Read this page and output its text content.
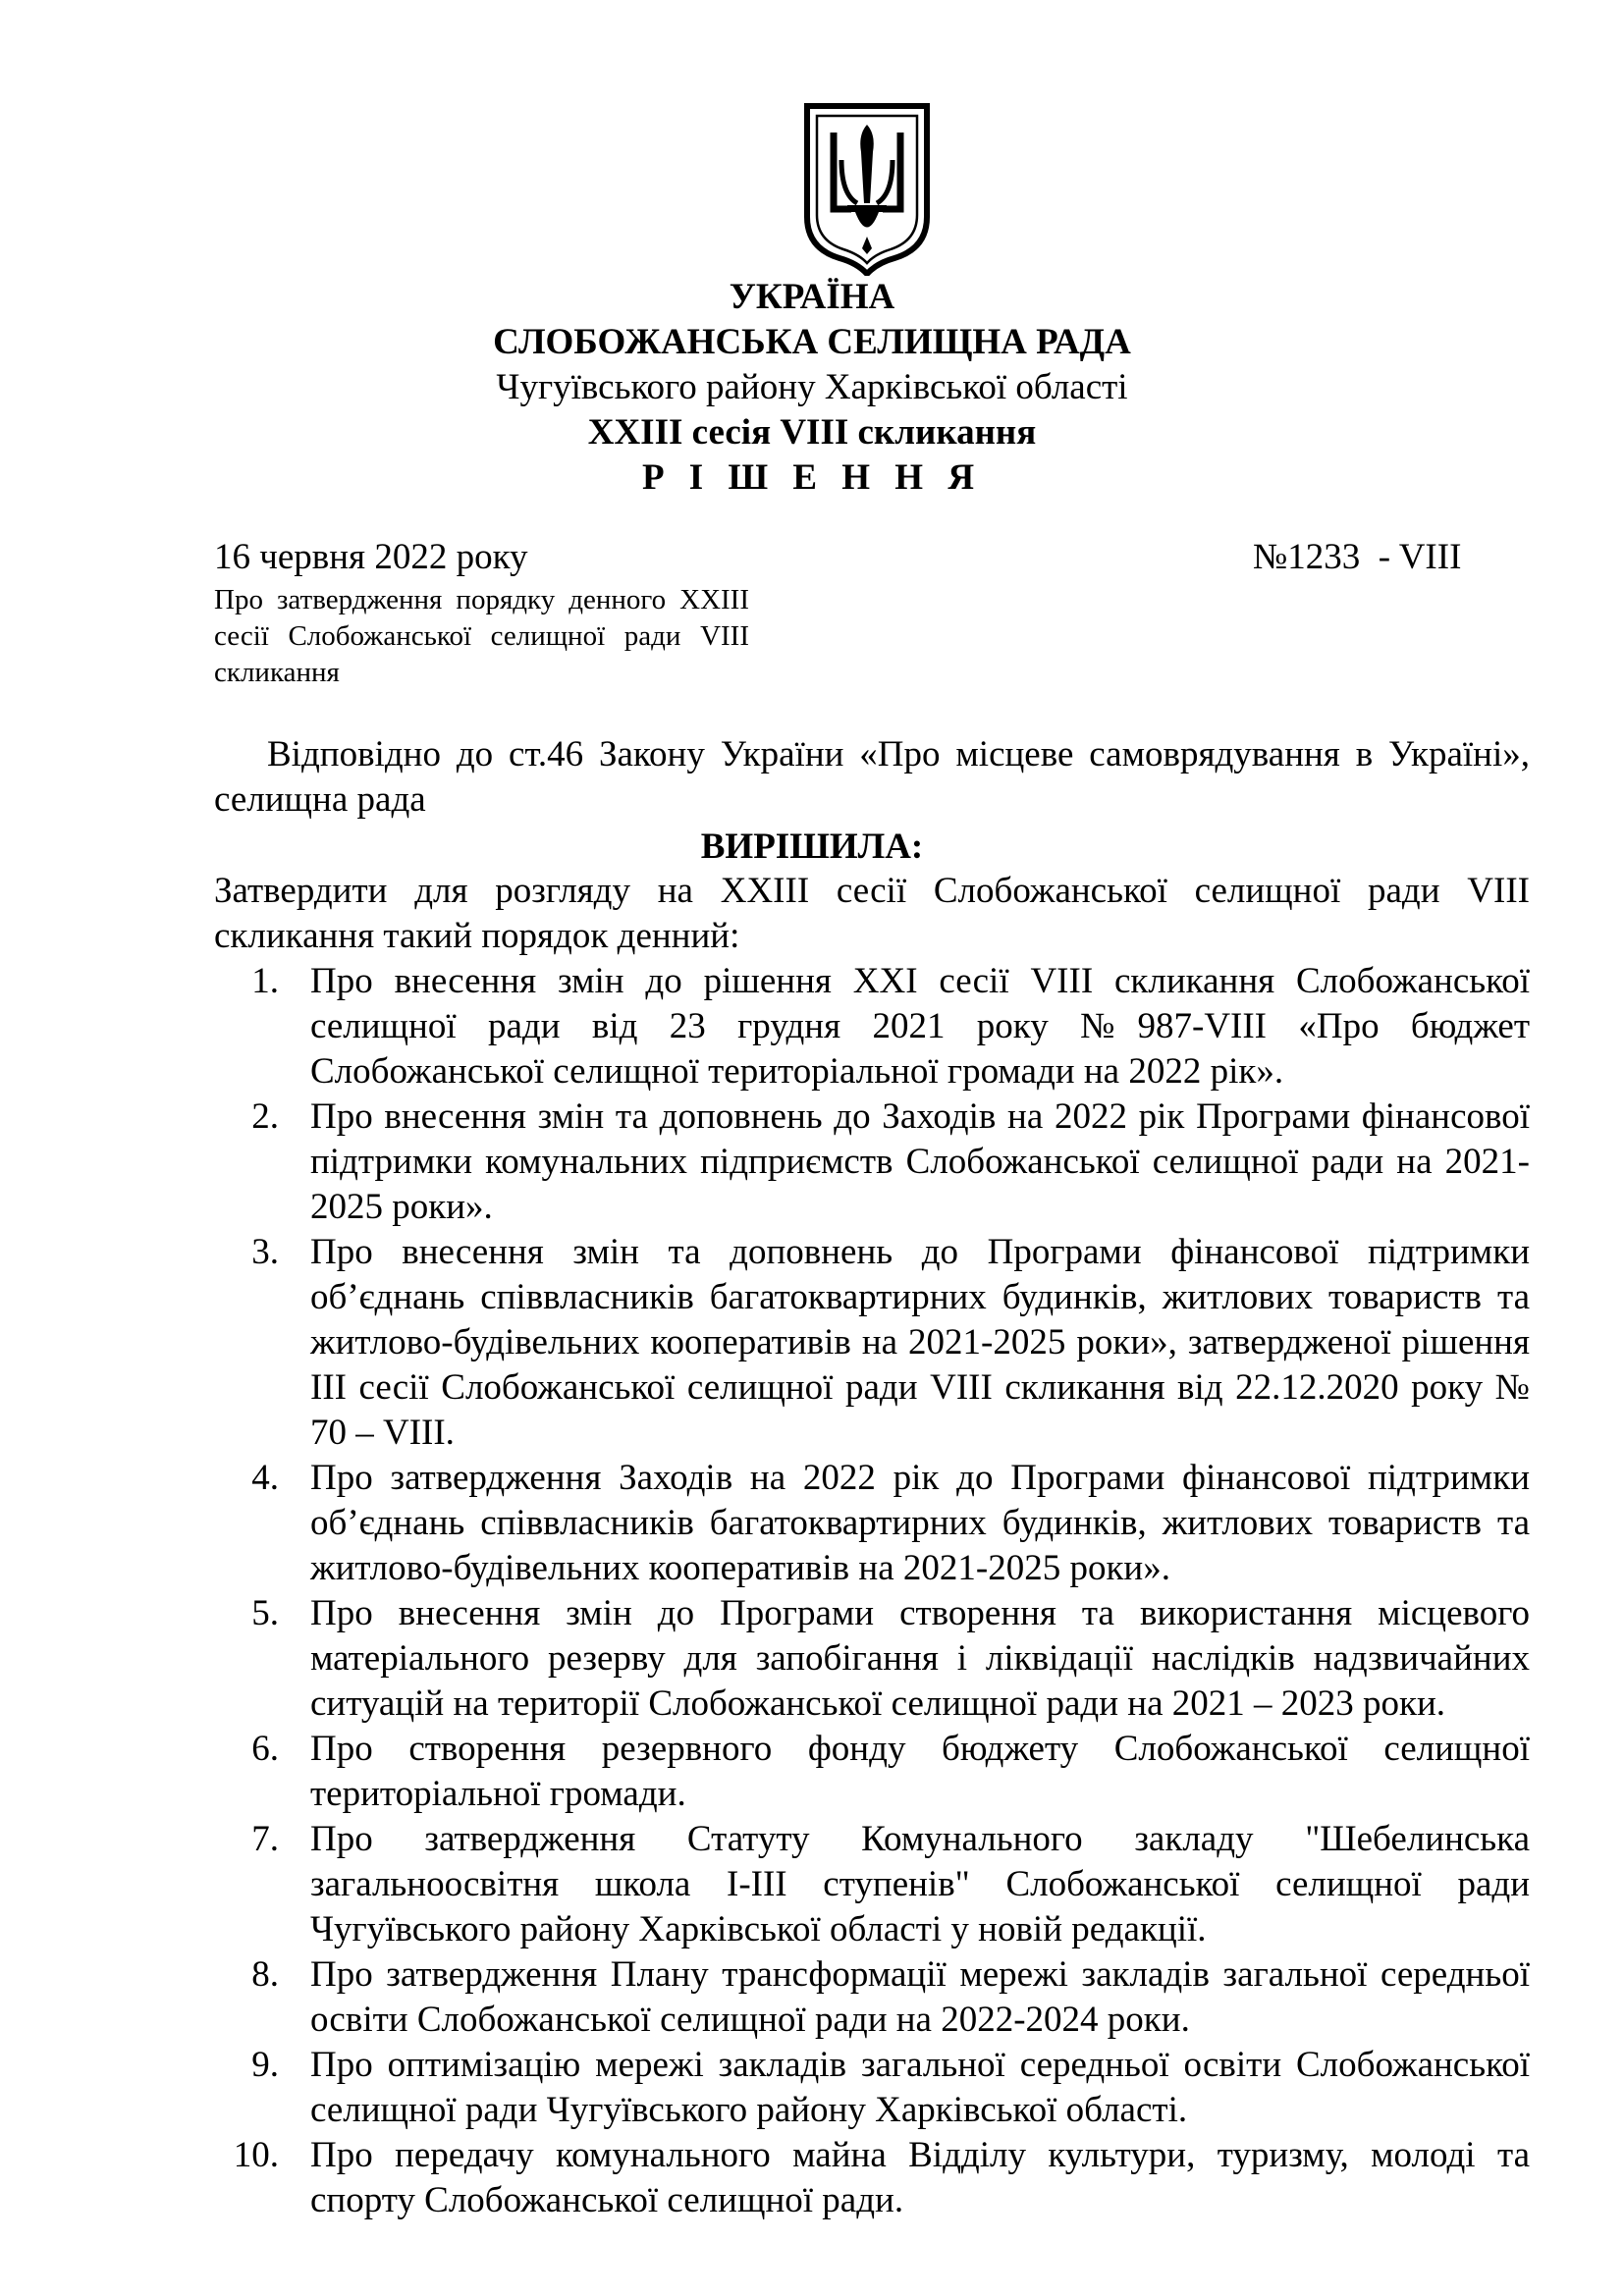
УКРАЇНА
СЛОБОЖАНСЬКА СЕЛИЩНА РАДА
Чугуївського району Харківської області
XXIII сесія VIII скликання
Р І Ш Е Н Н Я
16 червня 2022 року	№1233  - VIII
Про затвердження порядку денного XXIII сесії Слобожанської селищної ради VIII скликання
Відповідно до ст.46 Закону України «Про місцеве самоврядування в Україні», селищна рада
ВИРІШИЛА:
Затвердити для розгляду на XXIII сесії Слобожанської селищної ради VIII скликання такий порядок денний:
1. Про внесення змін до рішення XXI сесії VIII скликання Слобожанської селищної ради від 23 грудня 2021 року №987-VIII «Про бюджет Слобожанської селищної територіальної громади на 2022 рік».
2. Про внесення змін та доповнень до Заходів на 2022 рік Програми фінансової підтримки комунальних підприємств Слобожанської селищної ради на 2021-2025 роки».
3. Про внесення змін та доповнень до Програми фінансової підтримки об’єднань співвласників багатоквартирних будинків, житлових товариств та житлово-будівельних кооперативів на 2021-2025 роки», затвердженої рішення III сесії Слобожанської селищної ради VIII скликання від 22.12.2020 року № 70 – VIII.
4. Про затвердження Заходів на 2022 рік до Програми фінансової підтримки об’єднань співвласників багатоквартирних будинків, житлових товариств та житлово-будівельних кооперативів на 2021-2025 роки».
5. Про внесення змін до Програми створення та використання місцевого матеріального резерву для запобігання і ліквідації наслідків надзвичайних ситуацій на території Слобожанської селищної ради на 2021 – 2023 роки.
6. Про створення резервного фонду бюджету Слобожанської селищної територіальної громади.
7. Про затвердження Статуту Комунального закладу "Шебелинська загальноосвітня школа I-III ступенів" Слобожанської селищної ради Чугуївського району Харківської області у новій редакції.
8. Про затвердження Плану трансформації мережі закладів загальної середньої освіти Слобожанської селищної ради на 2022-2024 роки.
9. Про оптимізацію мережі закладів загальної середньої освіти Слобожанської селищної ради Чугуївського району Харківської області.
10. Про передачу комунального майна Відділу культури, туризму, молоді та спорту Слобожанської селищної ради.
